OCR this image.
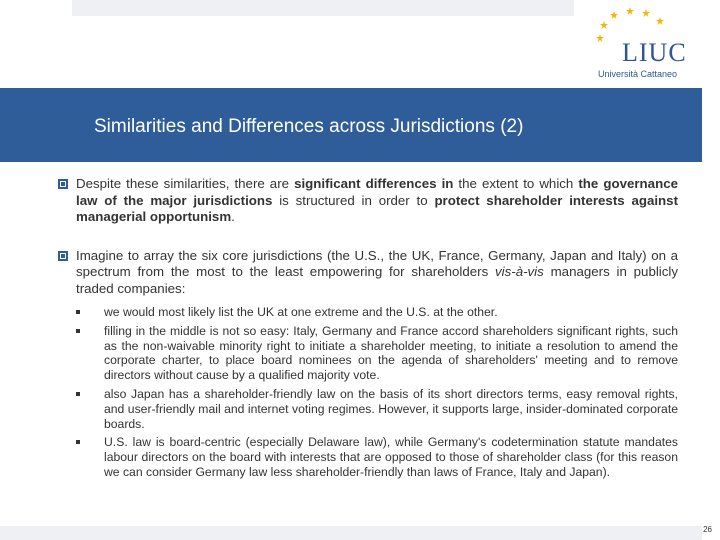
LIUC
Università Cattaneo
Similarities and Differences across Jurisdictions (2)
Despite these similarities, there are significant differences in the extent to which the governance law of the major jurisdictions is structured in order to protect shareholder interests against managerial opportunism.
Imagine to array the six core jurisdictions (the U.S., the UK, France, Germany, Japan and Italy) on a spectrum from the most to the least empowering for shareholders vis-à-vis managers in publicly traded companies:
we would most likely list the UK at one extreme and the U.S. at the other.
filling in the middle is not so easy: Italy, Germany and France accord shareholders significant rights, such as the non-waivable minority right to initiate a shareholder meeting, to initiate a resolution to amend the corporate charter, to place board nominees on the agenda of shareholders' meeting and to remove directors without cause by a qualified majority vote.
also Japan has a shareholder-friendly law on the basis of its short directors terms, easy removal rights, and user-friendly mail and internet voting regimes. However, it supports large, insider-dominated corporate boards.
U.S. law is board-centric (especially Delaware law), while Germany's codetermination statute mandates labour directors on the board with interests that are opposed to those of shareholder class (for this reason we can consider Germany law less shareholder-friendly than laws of France, Italy and Japan).
26
